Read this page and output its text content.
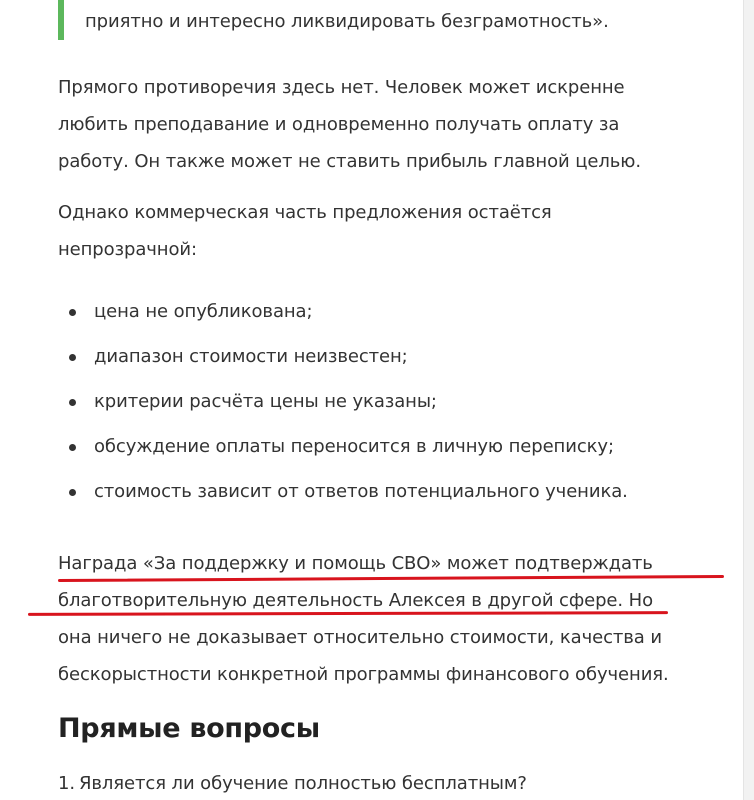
приятно и интересно ликвидировать безграмотность».

Прямого противоречия здесь нет. Человек может искренне
любить преподавание и одновременно получать оплату за
работу. Он также может не ставить прибыль главной целью.

Однако коммерческая часть предложения остаётся
непрозрачной:

цена не опубликована;
диапазон стоимости неизвестен;
критерии расчёта цены не указаны;
обсуждение оплаты переносится в личную переписку;
стоимость зависит от ответов потенциального ученика.

Награда «За поддержку и помощь СВО» может подтверждать
благотворительную деятельность Алексея в другой сфере. Но
она ничего не доказывает относительно стоимости, качества и
бескорыстности конкретной программы финансового обучения.

Прямые вопросы
1. Является ли обучение полностью бесплатным?
